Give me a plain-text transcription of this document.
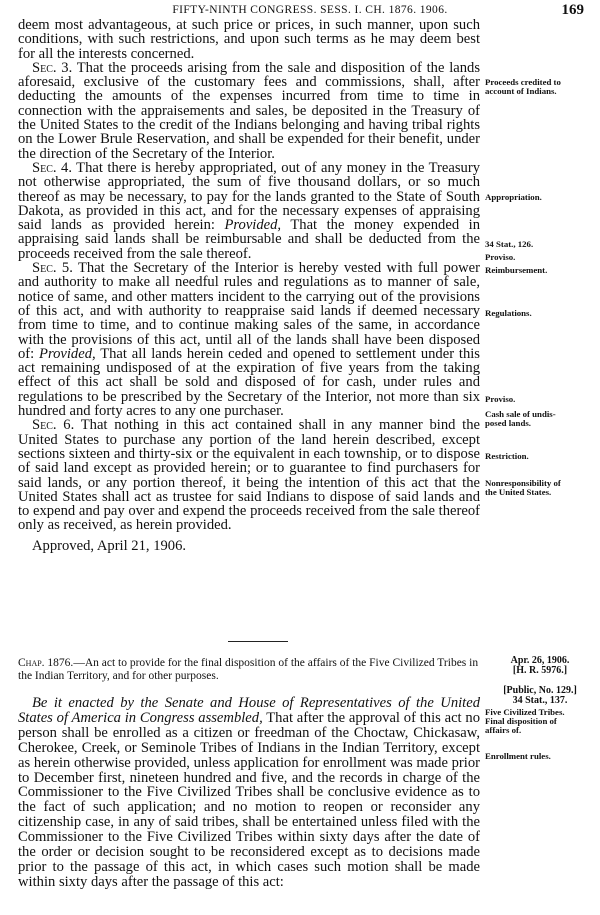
FIFTY-NINTH CONGRESS. SESS. I. CH. 1876. 1906.	169

deem most advantageous, at such price or prices, in such manner, upon such conditions, with such restrictions, and upon such terms as he may deem best for all the interests concerned.

Sec. 3. That the proceeds arising from the sale and disposition of the lands aforesaid, exclusive of the customary fees and commissions, shall, after deducting the amounts of the expenses incurred from time to time in connection with the appraisements and sales, be deposited in the Treasury of the United States to the credit of the Indians belonging and having tribal rights on the Lower Brule Reservation, and shall be expended for their benefit, under the direction of the Secretary of the Interior.

Sec. 4. That there is hereby appropriated, out of any money in the Treasury not otherwise appropriated, the sum of five thousand dollars, or so much thereof as may be necessary, to pay for the lands granted to the State of South Dakota, as provided in this act, and for the necessary expenses of appraising said lands as provided herein: Provided, That the money expended in appraising said lands shall be reimbursable and shall be deducted from the proceeds received from the sale thereof.

Sec. 5. That the Secretary of the Interior is hereby vested with full power and authority to make all needful rules and regulations as to manner of sale, notice of same, and other matters incident to the carrying out of the provisions of this act, and with authority to reappraise said lands if deemed necessary from time to time, and to continue making sales of the same, in accordance with the provisions of this act, until all of the lands shall have been disposed of: Provided, That all lands herein ceded and opened to settlement under this act remaining undisposed of at the expiration of five years from the taking effect of this act shall be sold and disposed of for cash, under rules and regulations to be prescribed by the Secretary of the Interior, not more than six hundred and forty acres to any one purchaser.

Sec. 6. That nothing in this act contained shall in any manner bind the United States to purchase any portion of the land herein described, except sections sixteen and thirty-six or the equivalent in each township, or to dispose of said land except as provided herein; or to guarantee to find purchasers for said lands, or any portion thereof, it being the intention of this act that the United States shall act as trustee for said Indians to dispose of said lands and to expend and pay over and expend the proceeds received from the sale thereof only as received, as herein provided.

Approved, April 21, 1906.

Proceeds credited to
account of Indians.
Appropriation.
34 Stat., 126.
Proviso.
Reimbursement.
Regulations.
Proviso.
Cash sale of undis-
posed lands.
Restriction.
Nonresponsibility of
the United States.
Chap. 1876.—An act to provide for the final disposition of the affairs of the Five Civilized Tribes in the Indian Territory, and for other purposes.
Apr. 26, 1906.
[H. R. 5976.]
[Public, No. 129.]
34 Stat., 137.

Be it enacted by the Senate and House of Representatives of the United States of America in Congress assembled, That after the approval of this act no person shall be enrolled as a citizen or freedman of the Choctaw, Chickasaw, Cherokee, Creek, or Seminole Tribes of Indians in the Indian Territory, except as herein otherwise provided, unless application for enrollment was made prior to December first, nineteen hundred and five, and the records in charge of the Commissioner to the Five Civilized Tribes shall be conclusive evidence as to the fact of such application; and no motion to reopen or reconsider any citizenship case, in any of said tribes, shall be entertained unless filed with the Commissioner to the Five Civilized Tribes within sixty days after the date of the order or decision sought to be reconsidered except as to decisions made prior to the passage of this act, in which cases such motion shall be made within sixty days after the passage of this act:

Five Civilized Tribes.
Final disposition of
affairs of.
Enrollment rules.
